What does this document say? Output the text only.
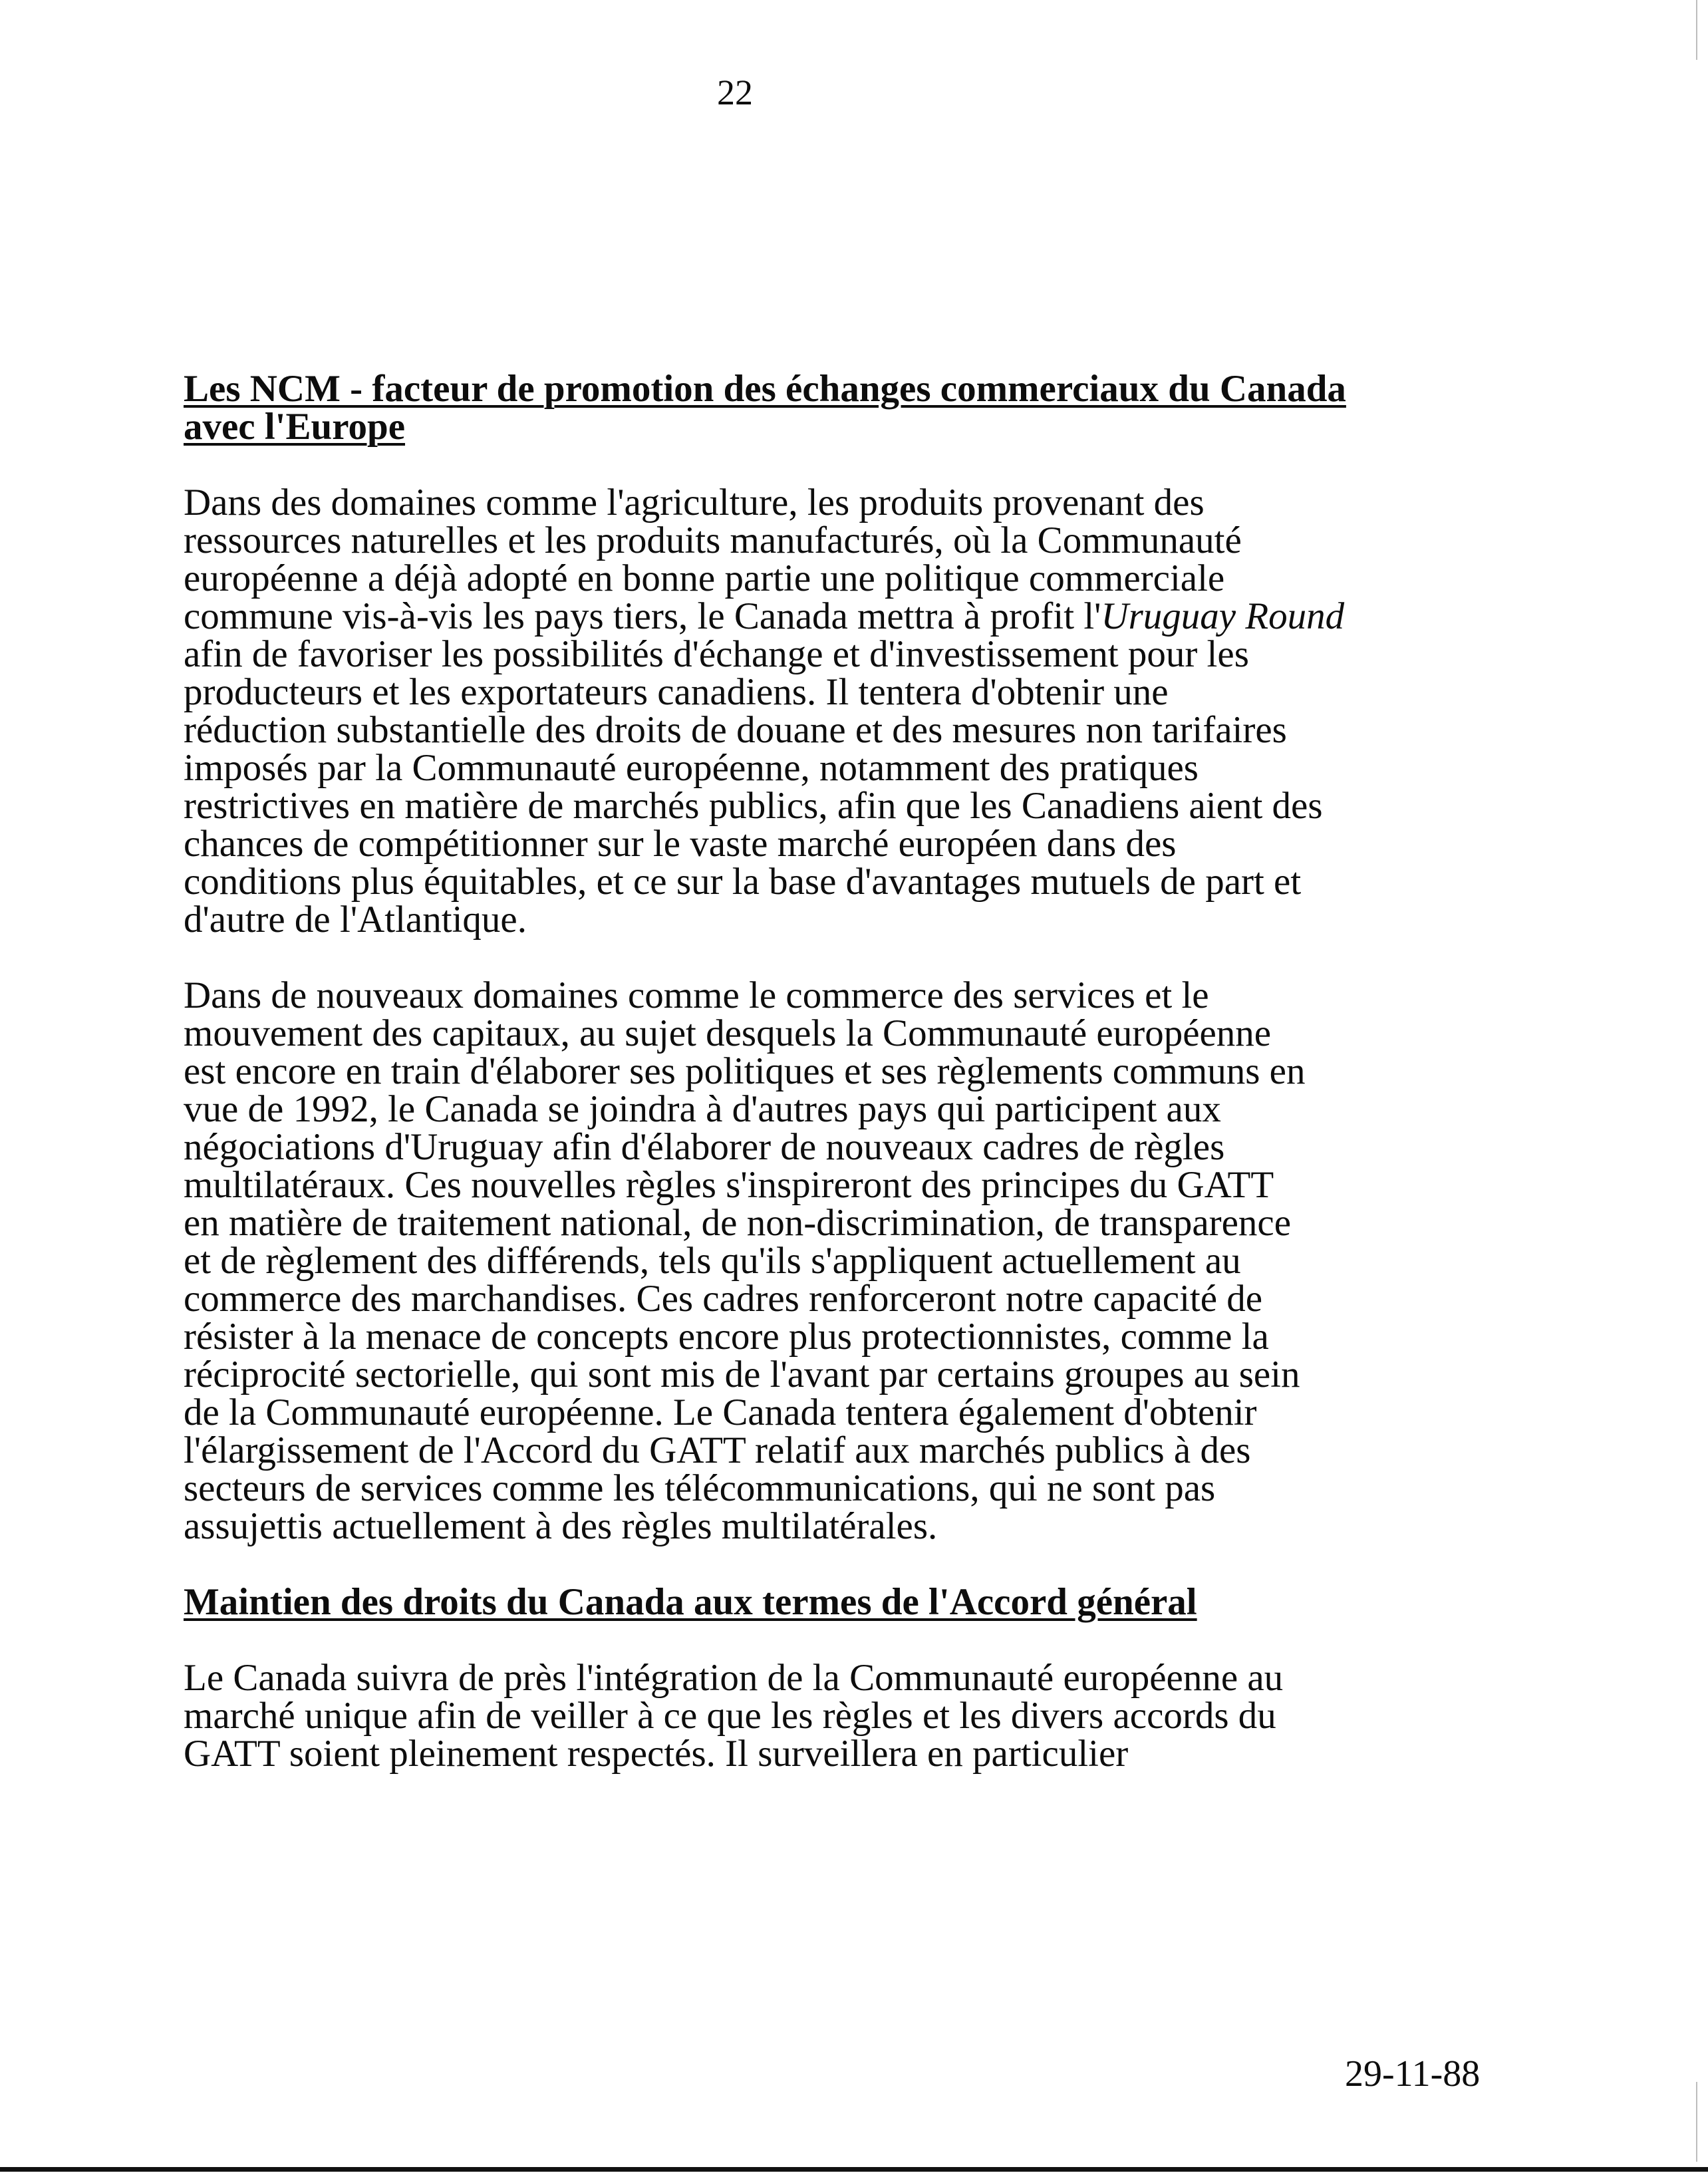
22
Les NCM - facteur de promotion des échanges commerciaux du Canada
avec l'Europe
Dans des domaines comme l'agriculture, les produits provenant des
ressources naturelles et les produits manufacturés, où la Communauté
européenne a déjà adopté en bonne partie une politique commerciale
commune vis-à-vis les pays tiers, le Canada mettra à profit l'Uruguay Round
afin de favoriser les possibilités d'échange et d'investissement pour les
producteurs et les exportateurs canadiens. Il tentera d'obtenir une
réduction substantielle des droits de douane et des mesures non tarifaires
imposés par la Communauté européenne, notamment des pratiques
restrictives en matière de marchés publics, afin que les Canadiens aient des
chances de compétitionner sur le vaste marché européen dans des
conditions plus équitables, et ce sur la base d'avantages mutuels de part et
d'autre de l'Atlantique.
Dans de nouveaux domaines comme le commerce des services et le
mouvement des capitaux, au sujet desquels la Communauté européenne
est encore en train d'élaborer ses politiques et ses règlements communs en
vue de 1992, le Canada se joindra à d'autres pays qui participent aux
négociations d'Uruguay afin d'élaborer de nouveaux cadres de règles
multilatéraux. Ces nouvelles règles s'inspireront des principes du GATT
en matière de traitement national, de non-discrimination, de transparence
et de règlement des différends, tels qu'ils s'appliquent actuellement au
commerce des marchandises. Ces cadres renforceront notre capacité de
résister à la menace de concepts encore plus protectionnistes, comme la
réciprocité sectorielle, qui sont mis de l'avant par certains groupes au sein
de la Communauté européenne. Le Canada tentera également d'obtenir
l'élargissement de l'Accord du GATT relatif aux marchés publics à des
secteurs de services comme les télécommunications, qui ne sont pas
assujettis actuellement à des règles multilatérales.
Maintien des droits du Canada aux termes de l'Accord général
Le Canada suivra de près l'intégration de la Communauté européenne au
marché unique afin de veiller à ce que les règles et les divers accords du
GATT soient pleinement respectés. Il surveillera en particulier
29-11-88
